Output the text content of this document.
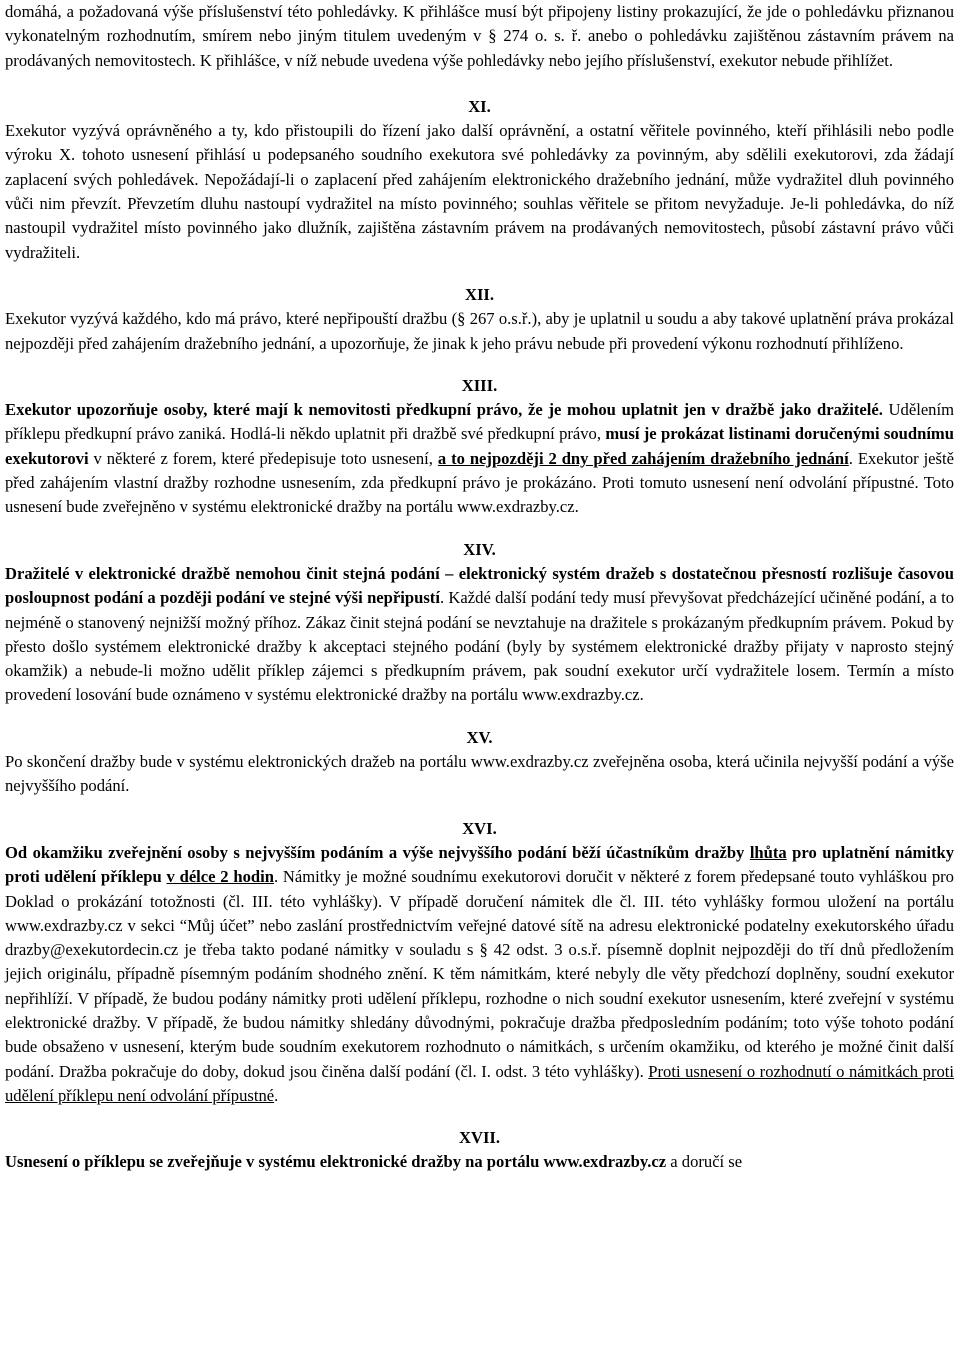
domáhá, a požadovaná výše příslušenství této pohledávky. K přihlášce musí být připojeny listiny prokazující, že jde o pohledávku přiznanou vykonatelným rozhodnutím, smírem nebo jiným titulem uvedeným v § 274 o. s. ř. anebo o pohledávku zajištěnou zástavním právem na prodávaných nemovitostech. K přihlášce, v níž nebude uvedena výše pohledávky nebo jejího příslušenství, exekutor nebude přihlížet.

XI.

Exekutor vyzývá oprávněného a ty, kdo přistoupili do řízení jako další oprávnění, a ostatní věřitele povinného, kteří přihlásili nebo podle výroku X. tohoto usnesení přihlásí u podepsaného soudního exekutora své pohledávky za povinným, aby sdělili exekutorovi, zda žádají zaplacení svých pohledávek. Nepožádají-li o zaplacení před zahájením elektronického dražebního jednání, může vydražitel dluh povinného vůči nim převzít. Převzetím dluhu nastoupí vydražitel na místo povinného; souhlas věřitele se přitom nevyžaduje. Je-li pohledávka, do níž nastoupil vydražitel místo povinného jako dlužník, zajištěna zástavním právem na prodávaných nemovitostech, působí zástavní právo vůči vydražiteli.

XII.

Exekutor vyzývá každého, kdo má právo, které nepřipouští dražbu (§ 267 o.s.ř.), aby je uplatnil u soudu a aby takové uplatnění práva prokázal nejpozději před zahájením dražebního jednání, a upozorňuje, že jinak k jeho právu nebude při provedení výkonu rozhodnutí přihlíženo.

XIII.

Exekutor upozorňuje osoby, které mají k nemovitosti předkupní právo, že je mohou uplatnit jen v dražbě jako dražitelé. Udělením příklepu předkupní právo zaniká. Hodlá-li někdo uplatnit při dražbě své předkupní právo, musí je prokázat listinami doručenými soudnímu exekutorovi v některé z forem, které předepisuje toto usnesení, a to nejpozději 2 dny před zahájením dražebního jednání. Exekutor ještě před zahájením vlastní dražby rozhodne usnesením, zda předkupní právo je prokázáno. Proti tomuto usnesení není odvolání přípustné. Toto usnesení bude zveřejněno v systému elektronické dražby na portálu www.exdrazby.cz.

XIV.

Dražitelé v elektronické dražbě nemohou činit stejná podání – elektronický systém dražeb s dostatečnou přesností rozlišuje časovou posloupnost podání a později podání ve stejné výši nepřipustí. Každé další podání tedy musí převyšovat předcházející učiněné podání, a to nejméně o stanovený nejnižší možný příhoz. Zákaz činit stejná podání se nevztahuje na dražitele s prokázaným předkupním právem. Pokud by přesto došlo systémem elektronické dražby k akceptaci stejného podání (byly by systémem elektronické dražby přijaty v naprosto stejný okamžik) a nebude-li možno udělit příklep zájemci s předkupním právem, pak soudní exekutor určí vydražitele losem. Termín a místo provedení losování bude oznámeno v systému elektronické dražby na portálu www.exdrazby.cz.

XV.

Po skončení dražby bude v systému elektronických dražeb na portálu www.exdrazby.cz zveřejněna osoba, která učinila nejvyšší podání a výše nejvyššího podání.

XVI.

Od okamžiku zveřejnění osoby s nejvyšším podáním a výše nejvyššího podání běží účastníkům dražby lhůta pro uplatnění námitky proti udělení příklepu v délce 2 hodin. Námitky je možné soudnímu exekutorovi doručit v některé z forem předepsané touto vyhláškou pro Doklad o prokázání totožnosti (čl. III. této vyhlášky). V případě doručení námitek dle čl. III. této vyhlášky formou uložení na portálu www.exdrazby.cz v sekci “Můj účet” nebo zaslání prostřednictvím veřejné datové sítě na adresu elektronické podatelny exekutorského úřadu drazby@exekutordecin.cz je třeba takto podané námitky v souladu s § 42 odst. 3 o.s.ř. písemně doplnit nejpozději do tří dnů předložením jejich originálu, případně písemným podáním shodného znění. K těm námitkám, které nebyly dle věty předchozí doplněny, soudní exekutor nepřihlíží. V případě, že budou podány námitky proti udělení příklepu, rozhodne o nich soudní exekutor usnesením, které zveřejní v systému elektronické dražby. V případě, že budou námitky shledány důvodnými, pokračuje dražba předposledním podáním; toto výše tohoto podání bude obsaženo v usnesení, kterým bude soudním exekutorem rozhodnuto o námitkách, s určením okamžiku, od kterého je možné činit další podání. Dražba pokračuje do doby, dokud jsou činěna další podání (čl. I. odst. 3 této vyhlášky). Proti usnesení o rozhodnutí o námitkách proti udělení příklepu není odvolání přípustné.

XVII.

Usnesení o příklepu se zveřejňuje v systému elektronické dražby na portálu www.exdrazby.cz a doručí se
